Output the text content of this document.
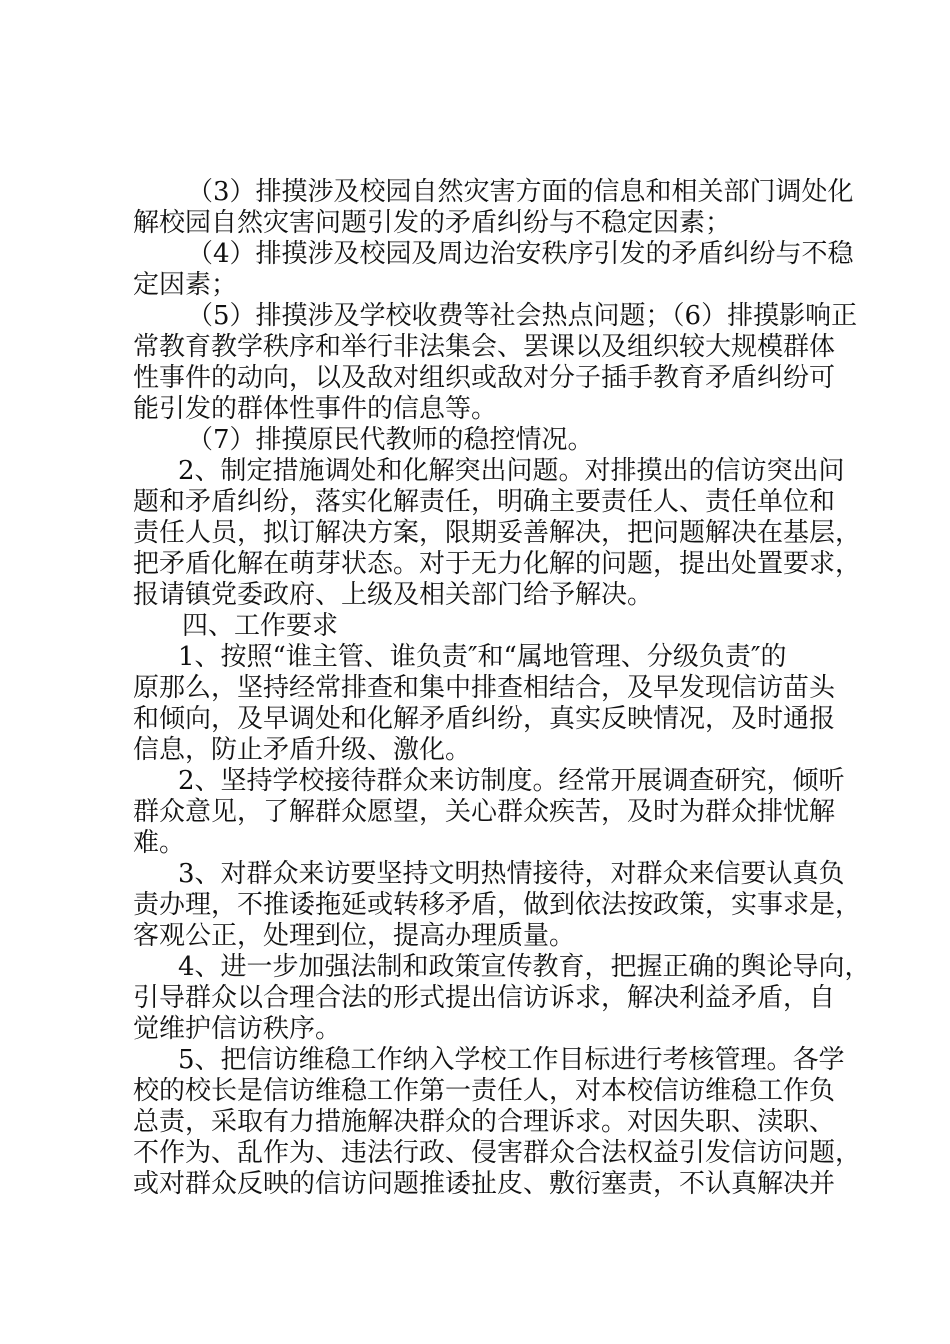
（3）排摸涉及校园自然灾害方面的信息和相关部门调处化
解校园自然灾害问题引发的矛盾纠纷与不稳定因素；
（4）排摸涉及校园及周边治安秩序引发的矛盾纠纷与不稳
定因素；
（5）排摸涉及学校收费等社会热点问题；（6）排摸影响正
常教育教学秩序和举行非法集会、罢课以及组织较大规模群体
性事件的动向，以及敌对组织或敌对分子插手教育矛盾纠纷可
能引发的群体性事件的信息等。
（7）排摸原民代教师的稳控情况。
2、制定措施调处和化解突出问题。对排摸出的信访突出问
题和矛盾纠纷，落实化解责任，明确主要责任人、责任单位和
责任人员，拟订解决方案，限期妥善解决，把问题解决在基层，
把矛盾化解在萌芽状态。对于无力化解的问题，提出处置要求，
报请镇党委政府、上级及相关部门给予解决。
四、工作要求
1、按照“谁主管、谁负责″和“属地管理、分级负责″的
原那么，坚持经常排查和集中排查相结合，及早发现信访苗头
和倾向，及早调处和化解矛盾纠纷，真实反映情况，及时通报
信息，防止矛盾升级、激化。
2、坚持学校接待群众来访制度。经常开展调查研究，倾听
群众意见，了解群众愿望，关心群众疾苦，及时为群众排忧解
难。
3、对群众来访要坚持文明热情接待，对群众来信要认真负
责办理，不推诿拖延或转移矛盾，做到依法按政策，实事求是，
客观公正，处理到位，提高办理质量。
4、进一步加强法制和政策宣传教育，把握正确的舆论导向，
引导群众以合理合法的形式提出信访诉求，解决利益矛盾，自
觉维护信访秩序。
5、把信访维稳工作纳入学校工作目标进行考核管理。各学
校的校长是信访维稳工作第一责任人，对本校信访维稳工作负
总责，采取有力措施解决群众的合理诉求。对因失职、渎职、
不作为、乱作为、违法行政、侵害群众合法权益引发信访问题，
或对群众反映的信访问题推诿扯皮、敷衍塞责，不认真解决并
